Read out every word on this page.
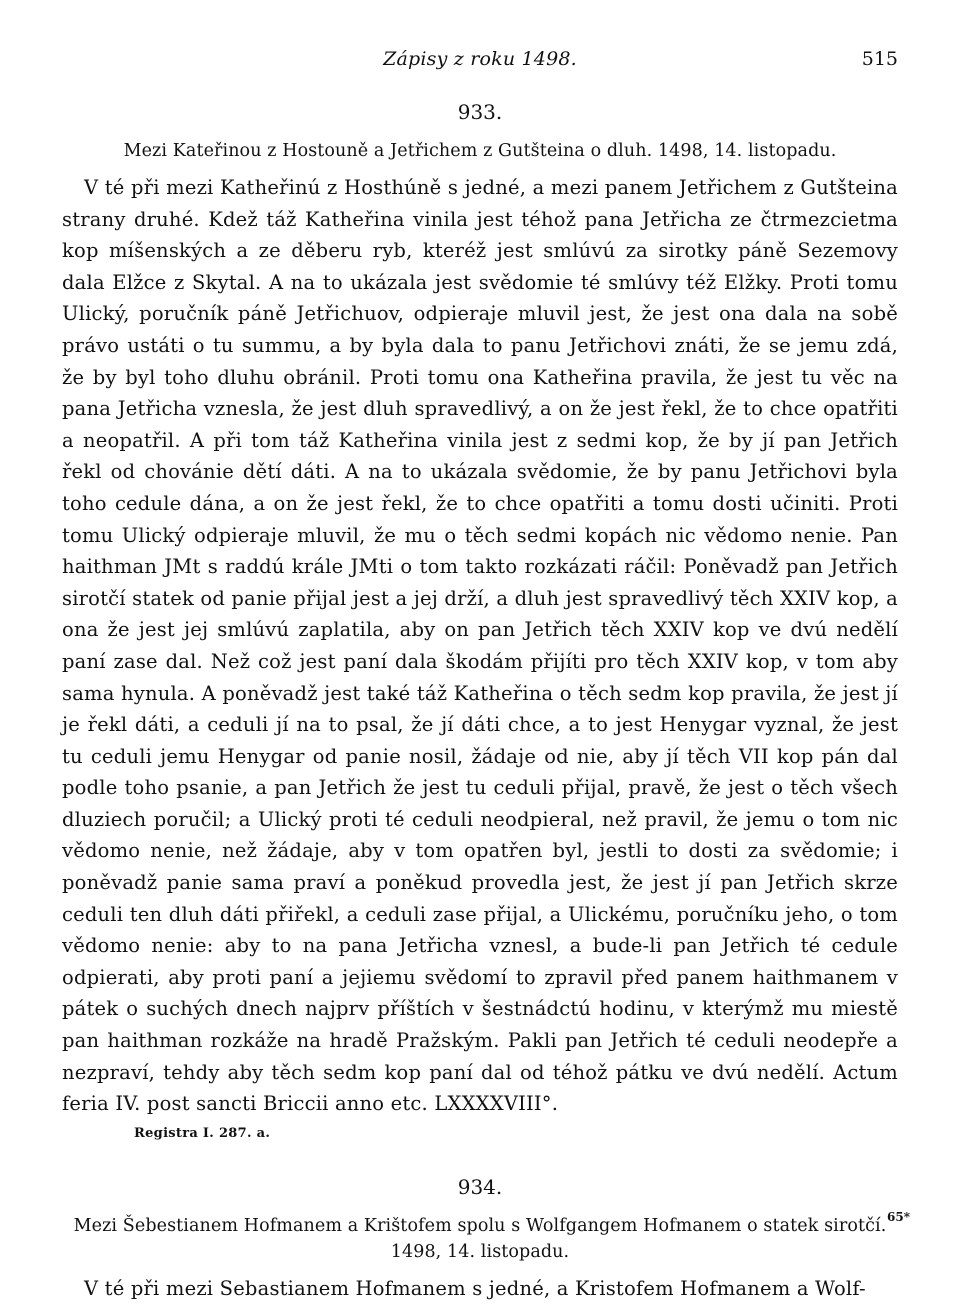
Zápisy z roku 1498.	515
933.
Mezi Kateřinou z Hostouně a Jetřichem z Gutšteina o dluh. 1498, 14. listopadu.

V té při mezi Katheřinú z Hosthúně s jedné, a mezi panem Jetřichem z Gutšteina strany druhé. Kdež táž Katheřina vinila jest téhož pana Jetřicha ze čtrmezcietma kop míšenských a ze děberu ryb, kteréž jest smlúvú za sirotky páně Sezemovy dala Elžce z Skytal. A na to ukázala jest svědomie té smlúvy též Elžky. Proti tomu Ulický, poručník páně Jetřichuov, odpieraje mluvil jest, že jest ona dala na sobě právo ustáti o tu summu, a by byla dala to panu Jetřichovi znáti, že se jemu zdá, že by byl toho dluhu obránil. Proti tomu ona Katheřina pravila, že jest tu věc na pana Jetřicha vznesla, že jest dluh spravedlivý, a on že jest řekl, že to chce opatřiti a neopatřil. A při tom táž Katheřina vinila jest z sedmi kop, že by jí pan Jetřich řekl od chovánie dětí dáti. A na to ukázala svědomie, že by panu Jetřichovi byla toho cedule dána, a on že jest řekl, že to chce opatřiti a tomu dosti učiniti. Proti tomu Ulický odpieraje mluvil, že mu o těch sedmi kopách nic vědomo nenie. Pan haithman JMt s raddú krále JMti o tom takto rozkázati ráčil: Poněvadž pan Jetřich sirotčí statek od panie přijal jest a jej drží, a dluh jest spravedlivý těch XXIV kop, a ona že jest jej smlúvú zaplatila, aby on pan Jetřich těch XXIV kop ve dvú nedělí paní zase dal. Než což jest paní dala škodám přijíti pro těch XXIV kop, v tom aby sama hynula. A poněvadž jest také táž Katheřina o těch sedm kop pravila, že jest jí je řekl dáti, a ceduli jí na to psal, že jí dáti chce, a to jest Henygar vyznal, že jest tu ceduli jemu Henygar od panie nosil, žádaje od nie, aby jí těch VII kop pán dal podle toho psanie, a pan Jetřich že jest tu ceduli přijal, pravě, že jest o těch všech dluziech poručil; a Ulický proti té ceduli neodpieral, než pravil, že jemu o tom nic vědomo nenie, než žádaje, aby v tom opatřen byl, jestli to dosti za svědomie; i poněvadž panie sama praví a poněkud provedla jest, že jest jí pan Jetřich skrze ceduli ten dluh dáti přiřekl, a ceduli zase přijal, a Ulickému, poručníku jeho, o tom vědomo nenie: aby to na pana Jetřicha vznesl, a bude-li pan Jetřich té cedule odpierati, aby proti paní a jejiemu svědomí to zpravil před panem haithmanem v pátek o suchých dnech najprv příštích v šestnádctú hodinu, v kterýmž mu miestě pan haithman rozkáže na hradě Pražským. Pakli pan Jetřich té ceduli neodepře a nezpraví, tehdy aby těch sedm kop paní dal od téhož pátku ve dvú nedělí. Actum feria IV. post sancti Briccii anno etc. LXXXXVIII°.

Registra I. 287. a.
934.
Mezi Šebestianem Hofmanem a Krištofem spolu s Wolfgangem Hofmanem o statek sirotčí. 1498, 14. listopadu.

V té při mezi Sebastianem Hofmanem s jedné, a Kristofem Hofmanem a Wolf-

65*
